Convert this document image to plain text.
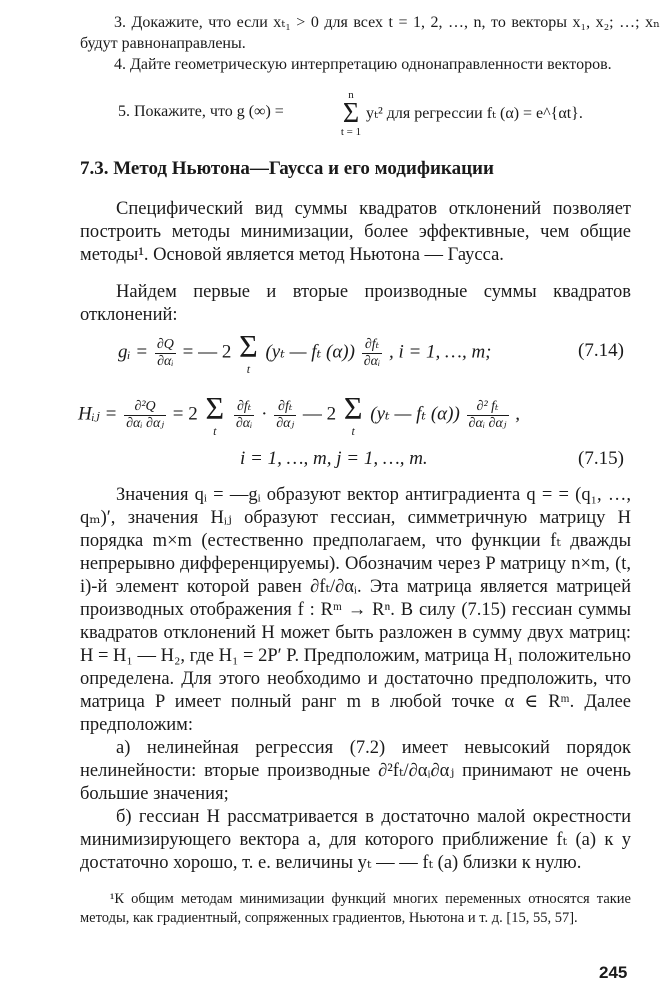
3. Докажите, что если xₜ₁ > 0 для всех t = 1, 2, …, n, то векторы x₁, x₂; …; xₙ будут равнонаправлены.

4. Дайте геометрическую интерпретацию однонаправленности векторов.

5. Покажите, что g (∞) =
n
Σ
t = 1
yₜ² для регрессии fₜ (α) = e^{αt}.
7.3. Метод Ньютона—Гаусса и его модификации

Специфический вид суммы квадратов отклонений позволяет построить методы минимизации, более эффективные, чем общие методы¹. Основой является метод Ньютона — Гаусса.

Найдем первые и вторые производные суммы квадратов отклонений:

gᵢ = $\frac{\partial Q}{\text{∂αᵢ}}$ = — 2 Σ
t
(yₜ — fₜ $(\alpha)) \frac{\text{∂fₜ}}{\text{∂αᵢ}}$ , i = 1, …, m;	(7.14)
Hᵢⱼ = $\frac{\text{∂²Q}}{\text{∂αᵢ ∂αⱼ}} = 2$ Σ
t
	$\frac{\text{∂fₜ}}{\text{∂αᵢ}} \cdot \frac{\text{∂fₜ}}{\text{∂αⱼ}}$ — 2 Σ
t
(yₜ — fₜ $(\alpha)) \frac{\text{∂² fₜ}}{\text{∂αᵢ ∂αⱼ}}$ ,
i = 1, …, m, j = 1, …, m.	(7.15)

Значения qᵢ = —gᵢ образуют вектор антиградиента q = = (q₁, …, qₘ)′, значения Hᵢⱼ образуют гессиан, симметричную матрицу H порядка m×m (естественно предполагаем, что функции fₜ дважды непрерывно дифференцируемы). Обозначим через P матрицу n×m, (t, i)-й элемент которой равен ∂fₜ/∂αᵢ. Эта матрица является матрицей производных отображения f : Rᵐ → Rⁿ. В силу (7.15) гессиан суммы квадратов отклонений H может быть разложен в сумму двух матриц: H = H₁ — H₂, где H₁ = 2P′ P. Предположим, матрица H₁ положительно определена. Для этого необходимо и достаточно предположить, что матрица P имеет полный ранг m в любой точке α ∈ Rᵐ. Далее предположим:

а) нелинейная регрессия (7.2) имеет невысокий порядок нелинейности: вторые производные ∂²fₜ/∂αᵢ∂αⱼ принимают не очень большие значения;

б) гессиан H рассматривается в достаточно малой окрестности минимизирующего вектора a, для которого приближение fₜ (a) к y достаточно хорошо, т. е. величины yₜ — — fₜ (a) близки к нулю.

¹К общим методам минимизации функций многих переменных относятся такие методы, как градиентный, сопряженных градиентов, Ньютона и т. д. [15, 55, 57].

245
